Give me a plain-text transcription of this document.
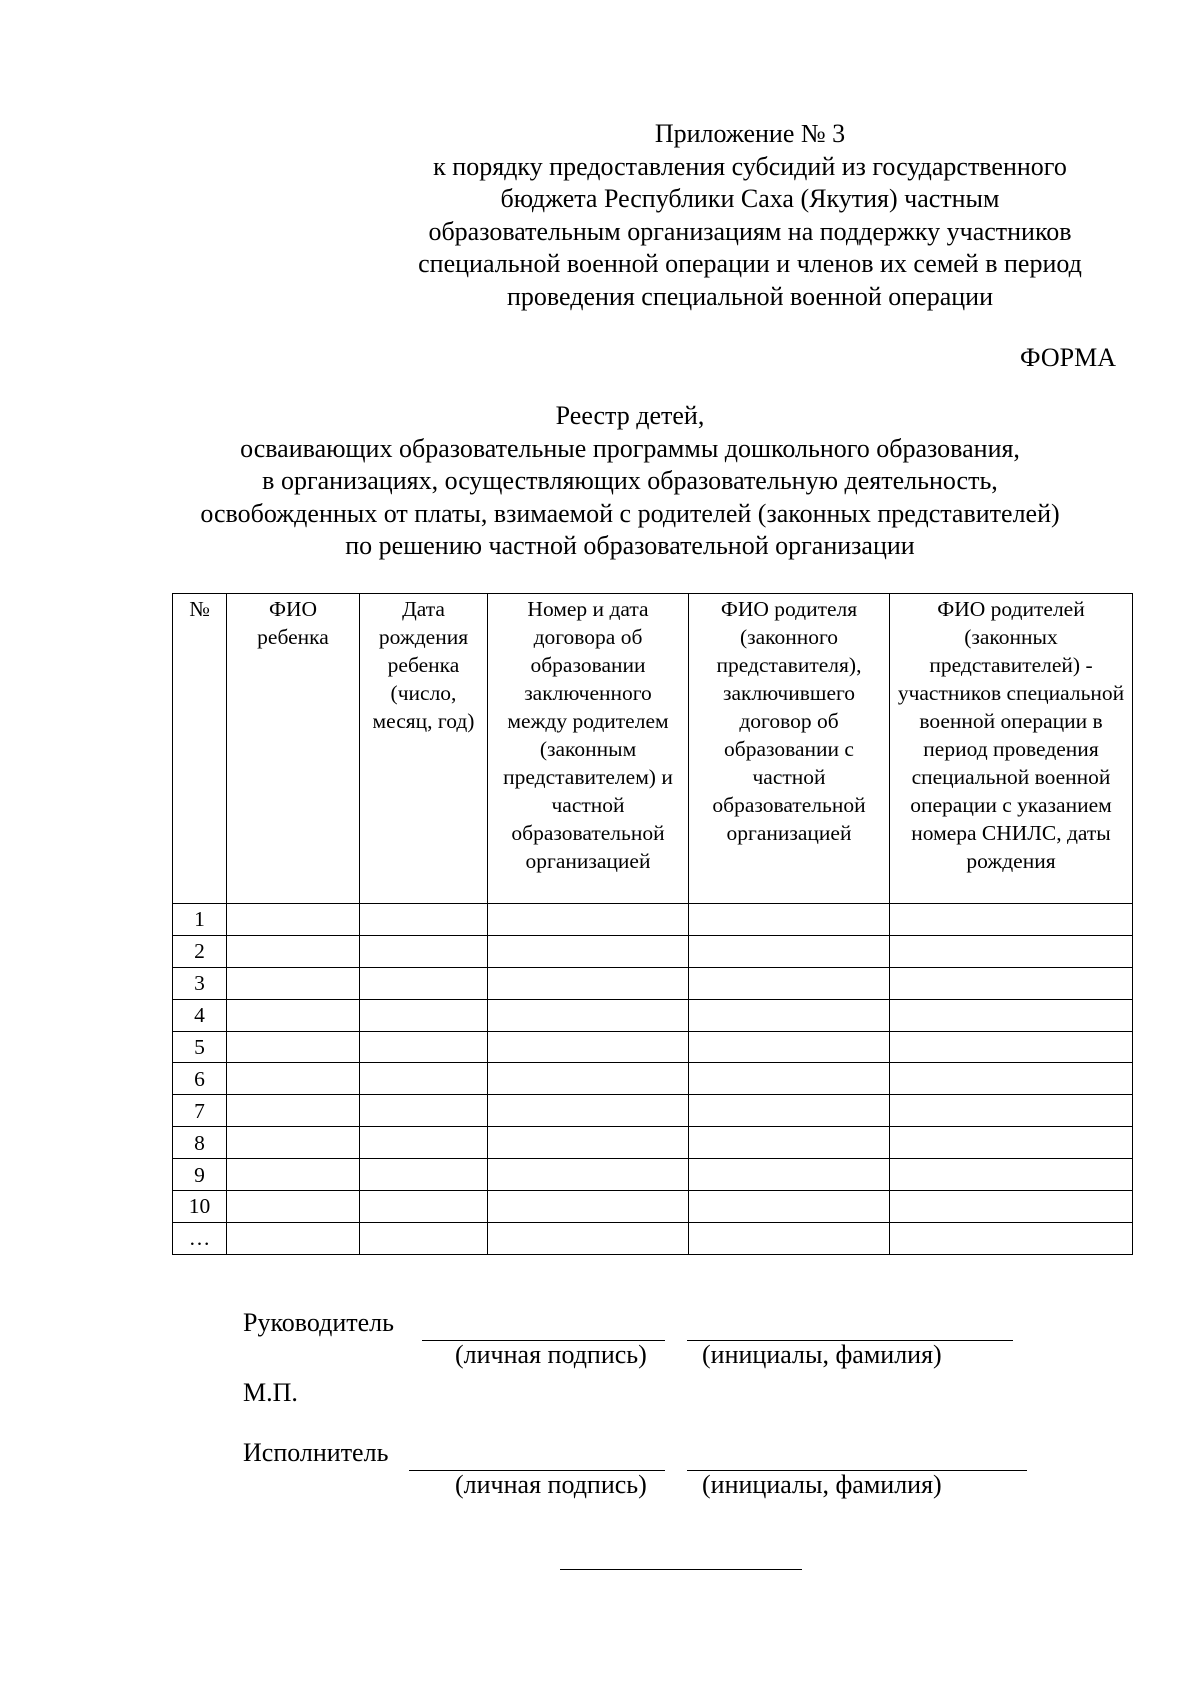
Приложение № 3
к порядку предоставления субсидий из государственного
бюджета Республики Саха (Якутия) частным
образовательным организациям на поддержку участников
специальной военной операции и членов их семей в период
проведения специальной военной операции
ФОРМА
Реестр детей,
осваивающих образовательные программы дошкольного образования,
в организациях, осуществляющих образовательную деятельность,
освобожденных от платы, взимаемой с родителей (законных представителей)
по решению частной образовательной организации
№	ФИО ребенка	Дата рождения ребенка (число, месяц, год)	Номер и дата договора об образовании заключенного между родителем (законным представителем) и частной образовательной организацией	ФИО родителя (законного представителя), заключившего договор об образовании с частной образовательной организацией	ФИО родителей (законных представителей) - участников специальной военной операции в период проведения специальной военной операции с указанием номера СНИЛС, даты рождения
1					
2					
3					
4					
5					
6					
7					
8					
9					
10					
…					
Руководитель
(личная подпись) (инициалы, фамилия)
М.П.
Исполнитель
(личная подпись) (инициалы, фамилия)
